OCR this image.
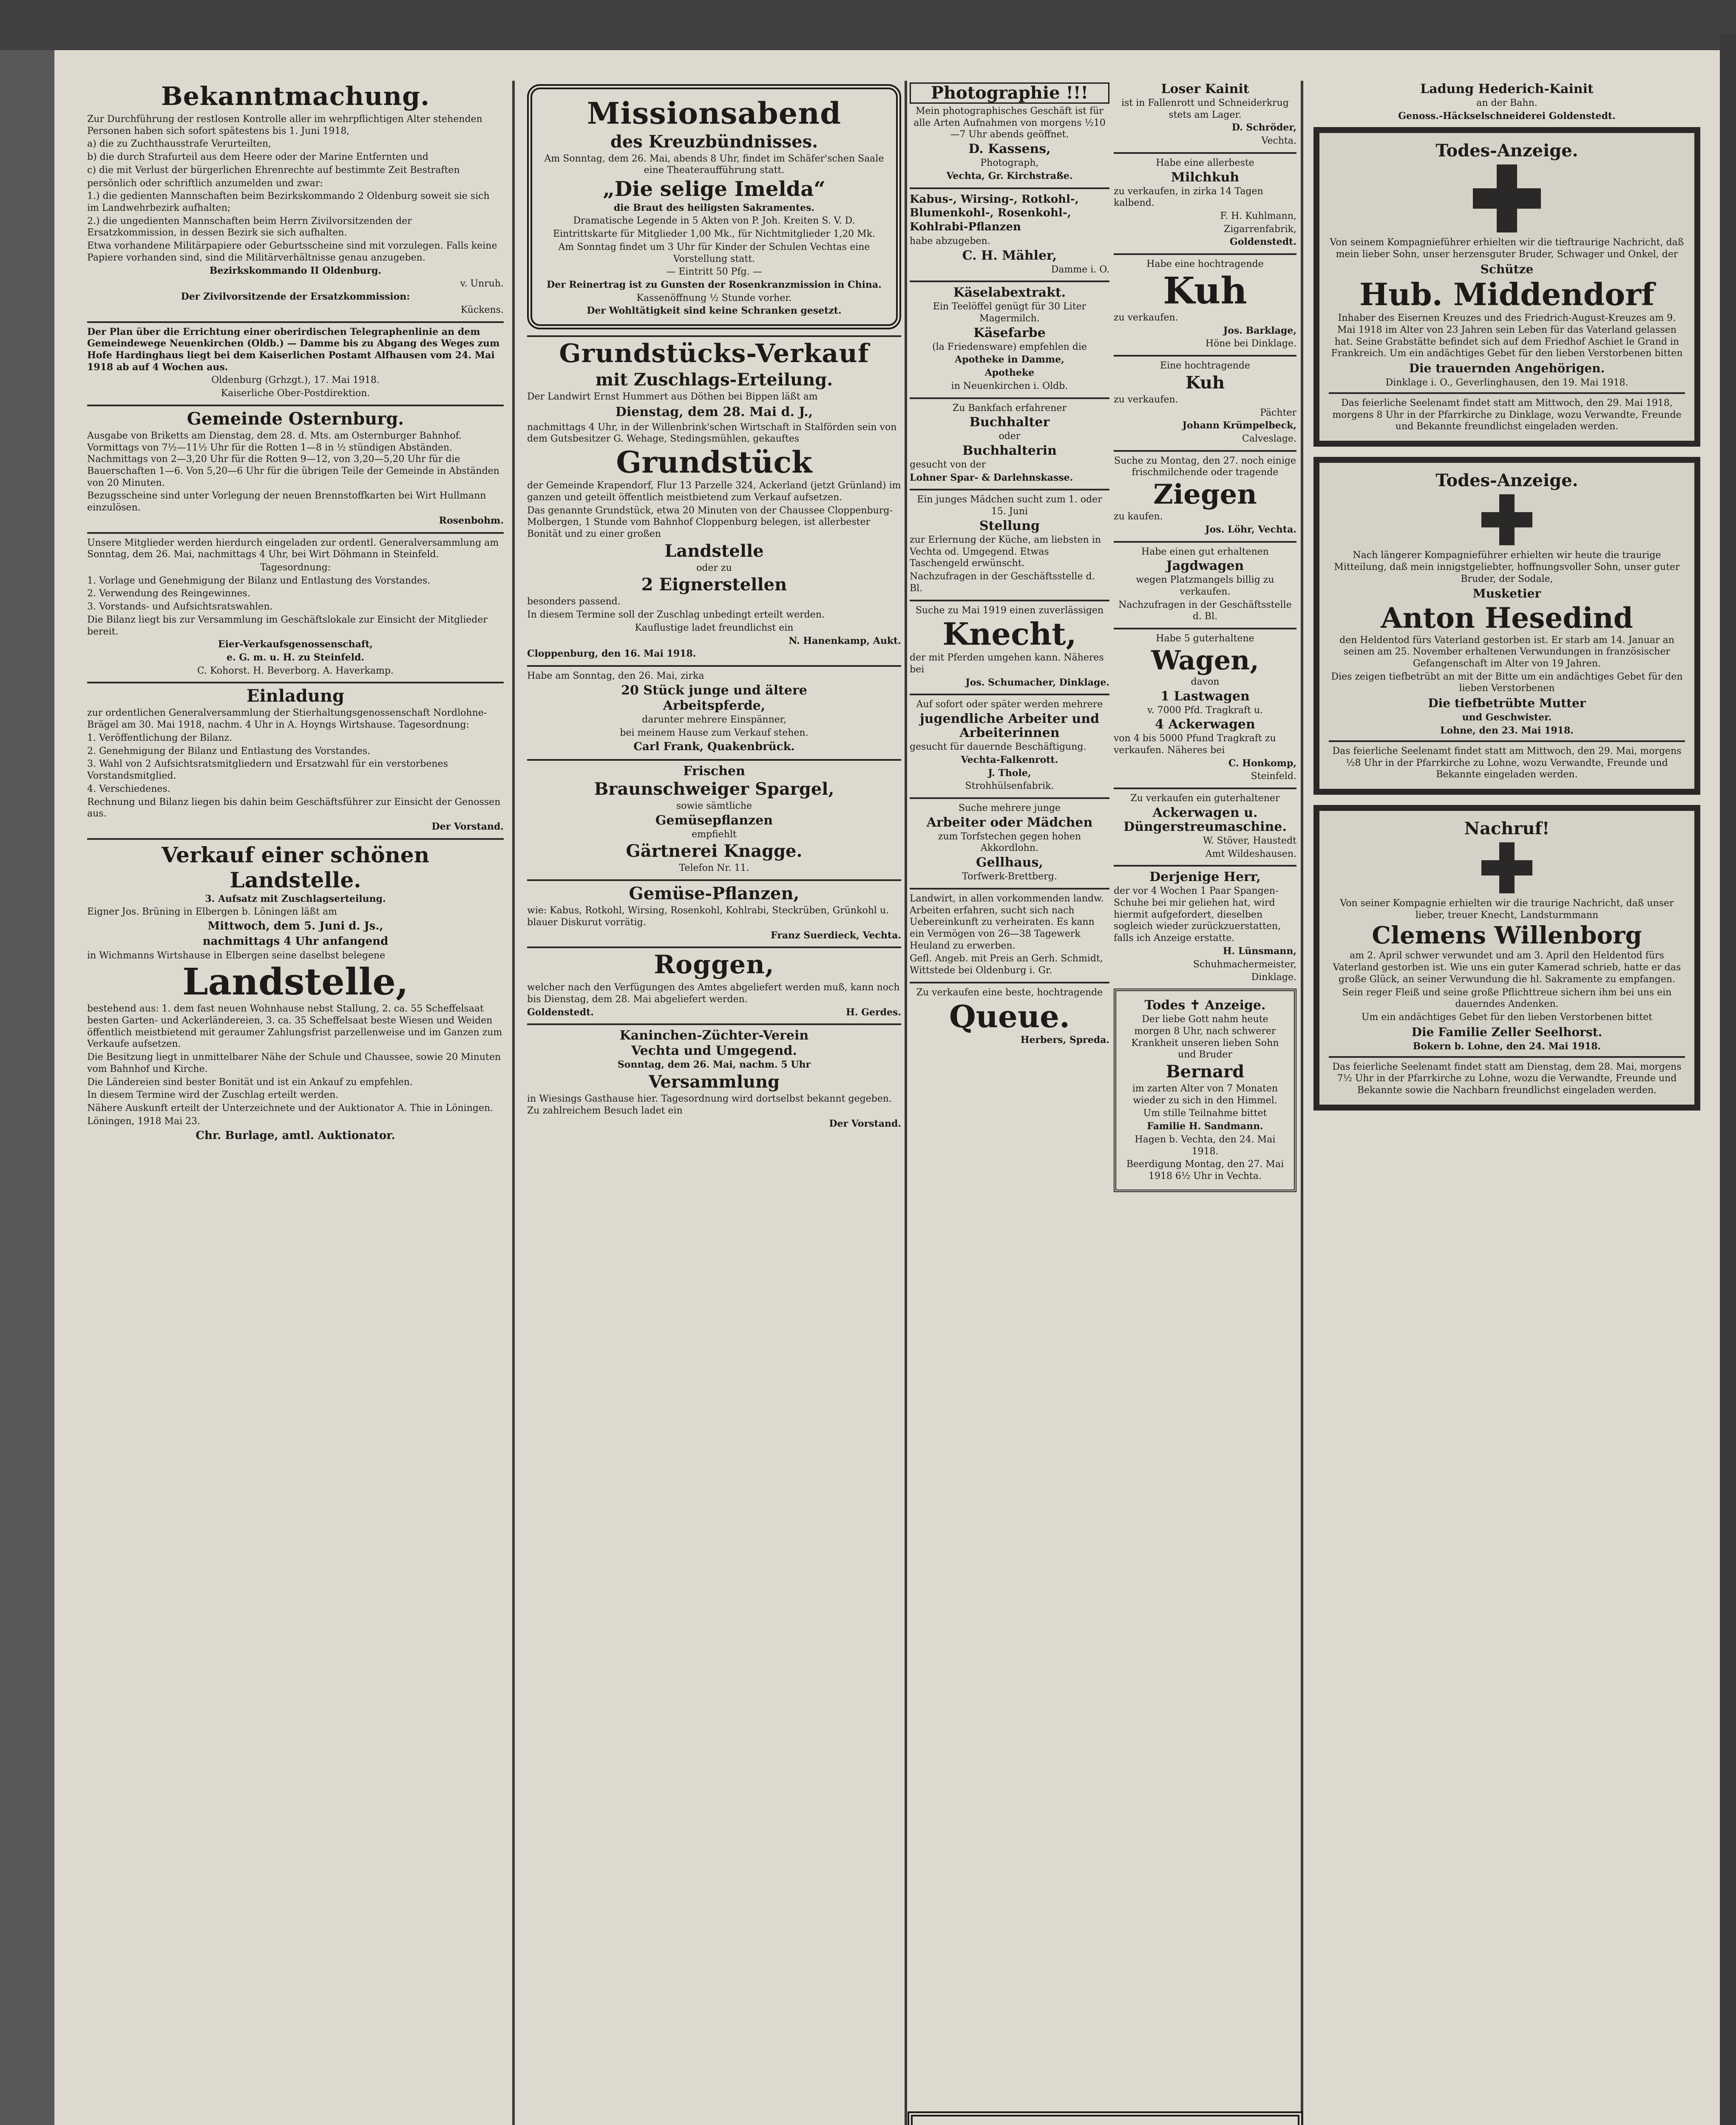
Bekanntmachung.

Zur Durchführung der restlosen Kontrolle aller im wehrpflichtigen Alter stehenden Personen haben sich sofort spätestens bis 1. Juni 1918,

a) die zu Zuchthausstrafe Verurteilten,

b) die durch Strafurteil aus dem Heere oder der Marine Entfernten und

c) die mit Verlust der bürgerlichen Ehrenrechte auf bestimmte Zeit Bestraften

persönlich oder schriftlich anzumelden und zwar:

1.) die gedienten Mannschaften beim Bezirkskommando 2 Oldenburg soweit sie sich im Landwehrbezirk aufhalten;

2.) die ungedienten Mannschaften beim Herrn Zivilvorsitzenden der Ersatzkommission, in dessen Bezirk sie sich aufhalten.

Etwa vorhandene Militärpapiere oder Geburtsscheine sind mit vorzulegen. Falls keine Papiere vorhanden sind, sind die Militärverhältnisse genau anzugeben.

Bezirkskommando II Oldenburg.

v. Unruh.

Der Zivilvorsitzende der Ersatzkommission:

Kückens.

Der Plan über die Errichtung einer oberirdischen Telegraphenlinie an dem Gemeindewege Neuenkirchen (Oldb.) — Damme bis zu Abgang des Weges zum Hofe Hardinghaus liegt bei dem Kaiserlichen Postamt Alfhausen vom 24. Mai 1918 ab auf 4 Wochen aus.

Oldenburg (Grhzgt.), 17. Mai 1918.

Kaiserliche Ober-Postdirektion.

Gemeinde Osternburg.

Ausgabe von Briketts am Dienstag, dem 28. d. Mts. am Osternburger Bahnhof. Vormittags von 7½—11½ Uhr für die Rotten 1—8 in ½ stündigen Abständen. Nachmittags von 2—3,20 Uhr für die Rotten 9—12, von 3,20—5,20 Uhr für die Bauerschaften 1—6. Von 5,20—6 Uhr für die übrigen Teile der Gemeinde in Abständen von 20 Minuten.

Bezugsscheine sind unter Vorlegung der neuen Brennstoffkarten bei Wirt Hullmann einzulösen.

Rosenbohm.

Unsere Mitglieder werden hierdurch eingeladen zur ordentl. Generalversammlung am Sonntag, dem 26. Mai, nachmittags 4 Uhr, bei Wirt Döhmann in Steinfeld.

Tagesordnung:

1. Vorlage und Genehmigung der Bilanz und Entlastung des Vorstandes.

2. Verwendung des Reingewinnes.

3. Vorstands- und Aufsichtsratswahlen.

Die Bilanz liegt bis zur Versammlung im Geschäftslokale zur Einsicht der Mitglieder bereit.

Eier-Verkaufsgenossenschaft,

e. G. m. u. H. zu Steinfeld.

C. Kohorst. H. Beverborg. A. Haverkamp.

Einladung

zur ordentlichen Generalversammlung der Stierhaltungsgenossenschaft Nordlohne-Brägel am 30. Mai 1918, nachm. 4 Uhr in A. Hoyngs Wirtshause. Tagesordnung:

1. Veröffentlichung der Bilanz.

2. Genehmigung der Bilanz und Entlastung des Vorstandes.

3. Wahl von 2 Aufsichtsratsmitgliedern und Ersatzwahl für ein verstorbenes Vorstandsmitglied.

4. Verschiedenes.

Rechnung und Bilanz liegen bis dahin beim Geschäftsführer zur Einsicht der Genossen aus.

Der Vorstand.

Verkauf einer schönen
Landstelle.

3. Aufsatz mit Zuschlagserteilung.

Eigner Jos. Brüning in Elbergen b. Löningen läßt am

Mittwoch, dem 5. Juni d. Js.,

nachmittags 4 Uhr anfangend

in Wichmanns Wirtshause in Elbergen seine daselbst belegene

Landstelle,

bestehend aus: 1. dem fast neuen Wohnhause nebst Stallung, 2. ca. 55 Scheffelsaat besten Garten- und Ackerländereien, 3. ca. 35 Scheffelsaat beste Wiesen und Weiden öffentlich meistbietend mit geraumer Zahlungsfrist parzellenweise und im Ganzen zum Verkaufe aufsetzen.

Die Besitzung liegt in unmittelbarer Nähe der Schule und Chaussee, sowie 20 Minuten vom Bahnhof und Kirche.

Die Ländereien sind bester Bonität und ist ein Ankauf zu empfehlen.

In diesem Termine wird der Zuschlag erteilt werden.

Nähere Auskunft erteilt der Unterzeichnete und der Auktionator A. Thie in Löningen.

Löningen, 1918 Mai 23.

Chr. Burlage, amtl. Auktionator.

Missionsabend
des Kreuzbündnisses.

Am Sonntag, dem 26. Mai, abends 8 Uhr, findet im Schäfer'schen Saale eine Theateraufführung statt.

„Die selige Imelda“

die Braut des heiligsten Sakramentes.

Dramatische Legende in 5 Akten von P. Joh. Kreiten S. V. D.

Eintrittskarte für Mitglieder 1,00 Mk., für Nichtmitglieder 1,20 Mk.

Am Sonntag findet um 3 Uhr für Kinder der Schulen Vechtas eine Vorstellung statt.

— Eintritt 50 Pfg. —

Der Reinertrag ist zu Gunsten der Rosenkranzmission in China.

Kassenöffnung ½ Stunde vorher.

Der Wohltätigkeit sind keine Schranken gesetzt.

Grundstücks-Verkauf
mit Zuschlags-Erteilung.

Der Landwirt Ernst Hummert aus Döthen bei Bippen läßt am

Dienstag, dem 28. Mai d. J.,

nachmittags 4 Uhr, in der Willenbrink'schen Wirtschaft in Stalförden sein von dem Gutsbesitzer G. Wehage, Stedingsmühlen, gekauftes

Grundstück

der Gemeinde Krapendorf, Flur 13 Parzelle 324, Ackerland (jetzt Grünland) im ganzen und geteilt öffentlich meistbietend zum Verkauf aufsetzen.

Das genannte Grundstück, etwa 20 Minuten von der Chaussee Cloppenburg-Molbergen, 1 Stunde vom Bahnhof Cloppenburg belegen, ist allerbester Bonität und zu einer großen

Landstelle

oder zu

2 Eignerstellen

besonders passend.

In diesem Termine soll der Zuschlag unbedingt erteilt werden.

Kauflustige ladet freundlichst ein

N. Hanenkamp, Aukt.

Cloppenburg, den 16. Mai 1918.

Habe am Sonntag, den 26. Mai, zirka

20 Stück junge und ältere
Arbeitspferde,

darunter mehrere Einspänner,

bei meinem Hause zum Verkauf stehen.

Carl Frank, Quakenbrück.

Frischen
Braunschweiger Spargel,

sowie sämtliche

Gemüsepflanzen

empfiehlt

Gärtnerei Knagge.

Telefon Nr. 11.

Gemüse-Pflanzen,

wie: Kabus, Rotkohl, Wirsing, Rosenkohl, Kohlrabi, Steckrüben, Grünkohl u. blauer Diskurut vorrätig.

Franz Suerdieck, Vechta.

Roggen,

welcher nach den Verfügungen des Amtes abgeliefert werden muß, kann noch bis Dienstag, dem 28. Mai abgeliefert werden.

Goldenstedt.	H. Gerdes.

Kaninchen-Züchter-Verein
Vechta und Umgegend.

Sonntag, dem 26. Mai, nachm. 5 Uhr

Versammlung

in Wiesings Gasthause hier. Tagesordnung wird dortselbst bekannt gegeben. Zu zahlreichem Besuch ladet ein

Der Vorstand.

Photographie !!!

Mein photographisches Geschäft ist für alle Arten Aufnahmen von morgens ½10—7 Uhr abends geöffnet.

D. Kassens,

Photograph,

Vechta, Gr. Kirchstraße.

Kabus-, Wirsing-, Rotkohl-, Blumenkohl-, Rosenkohl-, Kohlrabi-Pflanzen

habe abzugeben.

C. H. Mähler,

Damme i. O.

Käselabextrakt.

Ein Teelöffel genügt für 30 Liter Magermilch.

Käsefarbe

(la Friedensware) empfehlen die

Apotheke in Damme,

Apotheke

in Neuenkirchen i. Oldb.

Zu Bankfach erfahrener

Buchhalter

oder

Buchhalterin

gesucht von der

Lohner Spar- & Darlehnskasse.

Ein junges Mädchen sucht zum 1. oder 15. Juni

Stellung

zur Erlernung der Küche, am liebsten in Vechta od. Umgegend. Etwas Taschengeld erwünscht.

Nachzufragen in der Geschäftsstelle d. Bl.

Suche zu Mai 1919 einen zuverlässigen

Knecht,

der mit Pferden umgehen kann. Näheres bei

Jos. Schumacher, Dinklage.

Auf sofort oder später werden mehrere

jugendliche Arbeiter und Arbeiterinnen

gesucht für dauernde Beschäftigung.

Vechta-Falkenrott.

J. Thole,

Strohhülsenfabrik.

Suche mehrere junge

Arbeiter oder Mädchen

zum Torfstechen gegen hohen Akkordlohn.

Gellhaus,

Torfwerk-Brettberg.

Landwirt, in allen vorkommenden landw. Arbeiten erfahren, sucht sich nach Uebereinkunft zu verheiraten. Es kann ein Vermögen von 26—38 Tagewerk Heuland zu erwerben.

Gefl. Angeb. mit Preis an Gerh. Schmidt, Wittstede bei Oldenburg i. Gr.

Zu verkaufen eine beste, hochtragende

Queue.

Herbers, Spreda.

Loser Kainit

ist in Fallenrott und Schneiderkrug stets am Lager.

D. Schröder,

Vechta.

Habe eine allerbeste

Milchkuh

zu verkaufen, in zirka 14 Tagen kalbend.

F. H. Kuhlmann,

Zigarrenfabrik,

Goldenstedt.

Habe eine hochtragende

Kuh

zu verkaufen.

Jos. Barklage,

Höne bei Dinklage.

Eine hochtragende

Kuh

zu verkaufen.

Pächter

Johann Krümpelbeck,

Calveslage.

Suche zu Montag, den 27. noch einige frischmilchende oder tragende

Ziegen

zu kaufen.

Jos. Löhr, Vechta.

Habe einen gut erhaltenen

Jagdwagen

wegen Platzmangels billig zu verkaufen.

Nachzufragen in der Geschäftsstelle d. Bl.

Habe 5 guterhaltene

Wagen,

davon

1 Lastwagen

v. 7000 Pfd. Tragkraft u.

4 Ackerwagen

von 4 bis 5000 Pfund Tragkraft zu verkaufen. Näheres bei

C. Honkomp,

Steinfeld.

Zu verkaufen ein guterhaltener

Ackerwagen u. Düngerstreumaschine.

W. Stöver, Haustedt

Amt Wildeshausen.

Derjenige Herr,

der vor 4 Wochen 1 Paar Spangen-Schuhe bei mir geliehen hat, wird hiermit aufgefordert, dieselben sogleich wieder zurückzuerstatten, falls ich Anzeige erstatte.

H. Lünsmann,

Schuhmachermeister,

Dinklage.

Todes ✝ Anzeige.

Der liebe Gott nahm heute morgen 8 Uhr, nach schwerer Krankheit unseren lieben Sohn und Bruder

Bernard

im zarten Alter von 7 Monaten wieder zu sich in den Himmel.

Um stille Teilnahme bittet

Familie H. Sandmann.

Hagen b. Vechta, den 24. Mai 1918.

Beerdigung Montag, den 27. Mai 1918 6½ Uhr in Vechta.

Ladung Hederich-Kainit

an der Bahn.

Genoss.-Häckselschneiderei Goldenstedt.

Todes-Anzeige.

Von seinem Kompagnieführer erhielten wir die tieftraurige Nachricht, daß mein lieber Sohn, unser herzensguter Bruder, Schwager und Onkel, der

Schütze

Hub. Middendorf

Inhaber des Eisernen Kreuzes und des Friedrich-August-Kreuzes am 9. Mai 1918 im Alter von 23 Jahren sein Leben für das Vaterland gelassen hat. Seine Grabstätte befindet sich auf dem Friedhof Aschiet le Grand in Frankreich. Um ein andächtiges Gebet für den lieben Verstorbenen bitten

Die trauernden Angehörigen.

Dinklage i. O., Geverlinghausen, den 19. Mai 1918.

Das feierliche Seelenamt findet statt am Mittwoch, den 29. Mai 1918, morgens 8 Uhr in der Pfarrkirche zu Dinklage, wozu Verwandte, Freunde und Bekannte freundlichst eingeladen werden.

Todes-Anzeige.

Nach längerer Kompagnieführer erhielten wir heute die traurige Mitteilung, daß mein innigstgeliebter, hoffnungsvoller Sohn, unser guter Bruder, der Sodale,

Musketier

Anton Hesedind

den Heldentod fürs Vaterland gestorben ist. Er starb am 14. Januar an seinen am 25. November erhaltenen Verwundungen in französischer Gefangenschaft im Alter von 19 Jahren.

Dies zeigen tiefbetrübt an mit der Bitte um ein andächtiges Gebet für den lieben Verstorbenen

Die tiefbetrübte Mutter

und Geschwister.

Lohne, den 23. Mai 1918.

Das feierliche Seelenamt findet statt am Mittwoch, den 29. Mai, morgens ½8 Uhr in der Pfarrkirche zu Lohne, wozu Verwandte, Freunde und Bekannte eingeladen werden.

Nachruf!

Von seiner Kompagnie erhielten wir die traurige Nachricht, daß unser lieber, treuer Knecht, Landsturmmann

Clemens Willenborg

am 2. April schwer verwundet und am 3. April den Heldentod fürs Vaterland gestorben ist. Wie uns ein guter Kamerad schrieb, hatte er das große Glück, an seiner Verwundung die hl. Sakramente zu empfangen.

Sein reger Fleiß und seine große Pflichttreue sichern ihm bei uns ein dauerndes Andenken.

Um ein andächtiges Gebet für den lieben Verstorbenen bittet

Die Familie Zeller Seelhorst.

Bokern b. Lohne, den 24. Mai 1918.

Das feierliche Seelenamt findet statt am Dienstag, dem 28. Mai, morgens 7½ Uhr in der Pfarrkirche zu Lohne, wozu die Verwandte, Freunde und Bekannte sowie die Nachbarn freundlichst eingeladen werden.
